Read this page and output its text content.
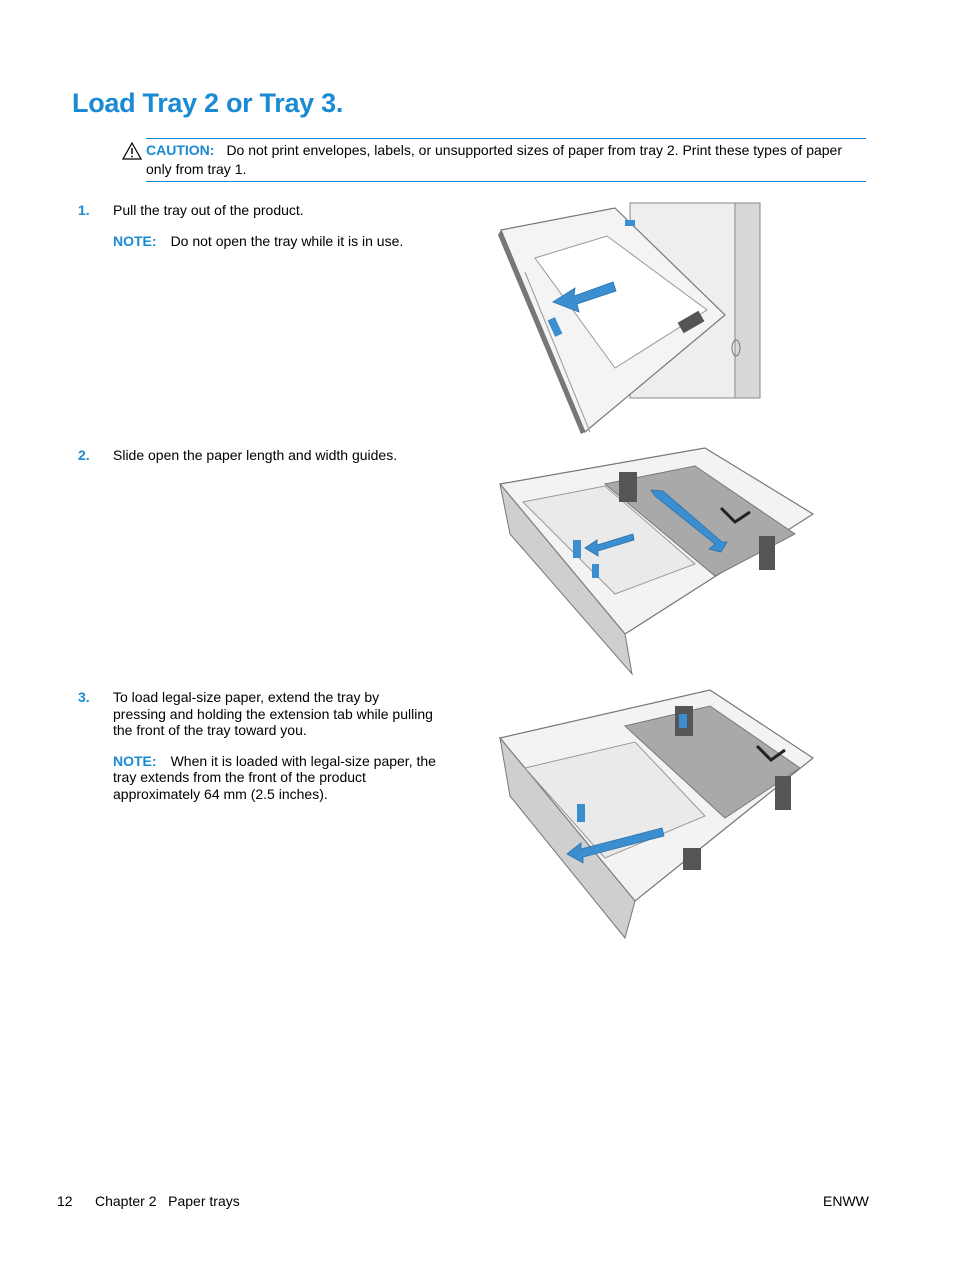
Load Tray 2 or Tray 3.
CAUTION: Do not print envelopes, labels, or unsupported sizes of paper from tray 2. Print these types of paper only from tray 1.
1. Pull the tray out of the product.
NOTE: Do not open the tray while it is in use.
2. Slide open the paper length and width guides.
3. To load legal-size paper, extend the tray by pressing and holding the extension tab while pulling the front of the tray toward you.
NOTE: When it is loaded with legal-size paper, the tray extends from the front of the product approximately 64 mm (2.5 inches).
12 Chapter 2   Paper trays	ENWW
